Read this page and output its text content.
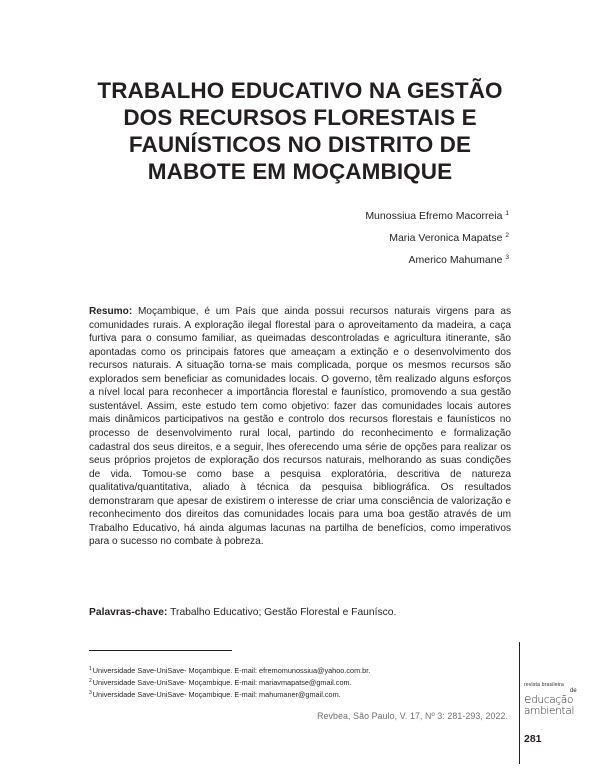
TRABALHO EDUCATIVO NA GESTÃO DOS RECURSOS FLORESTAIS E FAUNÍSTICOS NO DISTRITO DE MABOTE EM MOÇAMBIQUE
Munossiua Efremo Macorreia $^1$
Maria Veronica Mapatse $^2$
Americo Mahumane $^3$

Resumo: Moçambique, é um País que ainda possui recursos naturais virgens para as comunidades rurais. A exploração ilegal florestal para o aproveitamento da madeira, a caça furtiva para o consumo familiar, as queimadas descontroladas e agricultura itinerante, são apontadas como os principais fatores que ameaçam a extinção e o desenvolvimento dos recursos naturais. A situação torna-se mais complicada, porque os mesmos recursos são explorados sem beneficiar as comunidades locais. O governo, têm realizado alguns esforços a nível local para reconhecer a importância florestal e faunístico, promovendo a sua gestão sustentável. Assim, este estudo tem como objetivo: fazer das comunidades locais autores mais dinâmicos participativos na gestão e controlo dos recursos florestais e faunísticos no processo de desenvolvimento rural local, partindo do reconhecimento e formalização cadastral dos seus direitos, e a seguir, lhes oferecendo uma série de opções para realizar os seus próprios projetos de exploração dos recursos naturais, melhorando as suas condições de vida. Tomou-se como base a pesquisa exploratória, descritiva de natureza qualitativa/quantitativa, aliado à técnica da pesquisa bibliográfica. Os resultados demonstraram que apesar de existirem o interesse de criar uma consciência de valorização e reconhecimento dos direitos das comunidades locais para uma boa gestão através de um Trabalho Educativo, há ainda algumas lacunas na partilha de benefícios, como imperativos para o sucesso no combate à pobreza.

Palavras-chave: Trabalho Educativo; Gestão Florestal e Faunísco.

$^1$Universidade Save-UniSave- Moçambique. E-mail: efremomunossiua@yahoo.com.br.
$^2$Universidade Save-UniSave- Moçambique. E-mail: mariavmapatse@gmail.com.
$^3$Universidade Save-UniSave- Moçambique. E-mail: mahumaner@gmail.com.
Revbea, São Paulo, V. 17, Nº 3: 281-293, 2022.
revista brasileira
de
educação
ambiental
281
